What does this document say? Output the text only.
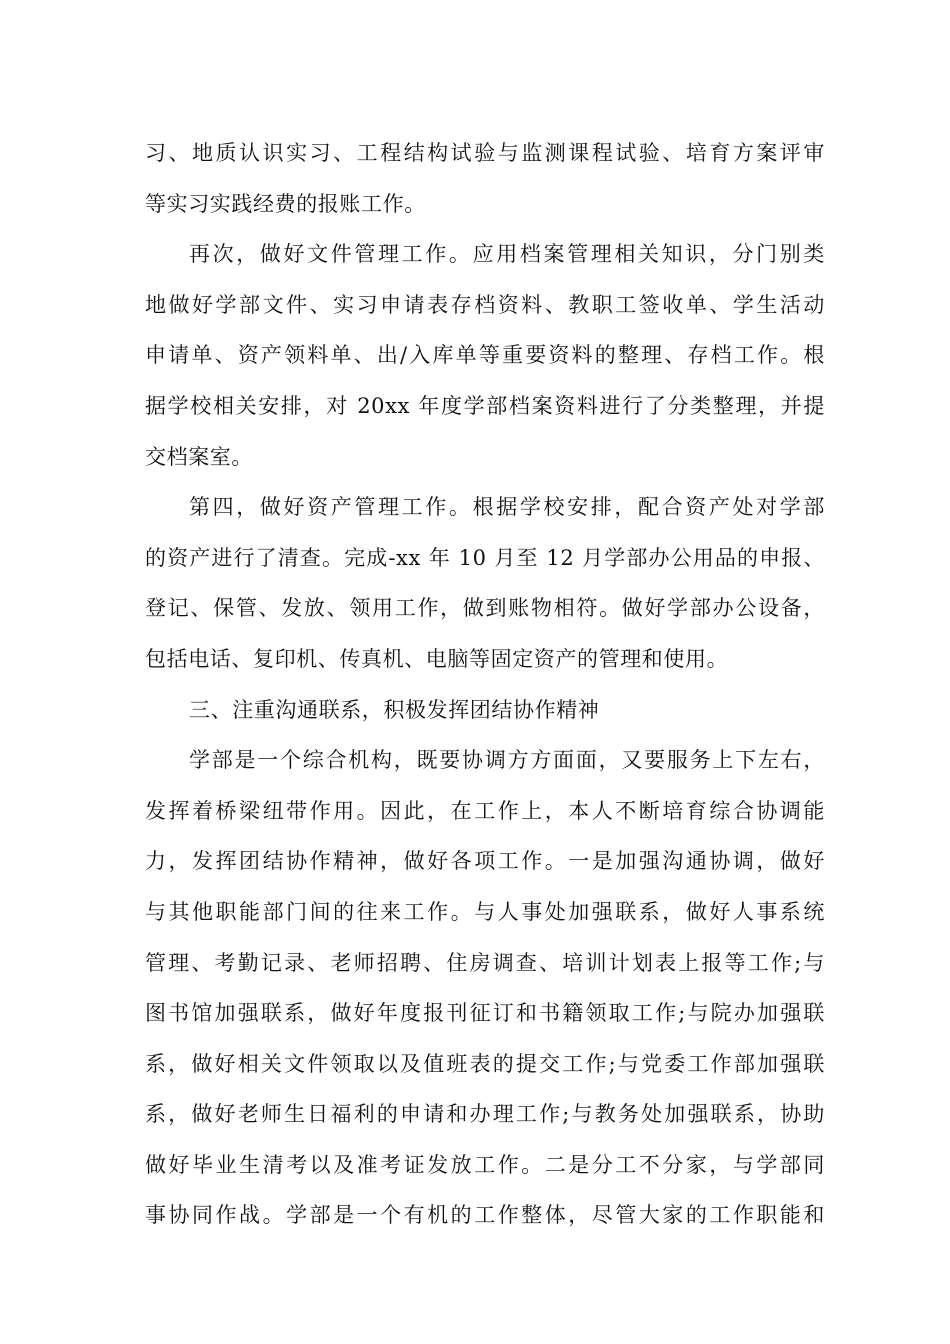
习、地质认识实习、工程结构试验与监测课程试验、培育方案评审
等实习实践经费的报账工作。
再次，做好文件管理工作。应用档案管理相关知识，分门别类
地做好学部文件、实习申请表存档资料、教职工签收单、学生活动
申请单、资产领料单、出/入库单等重要资料的整理、存档工作。根
据学校相关安排，对 20xx 年度学部档案资料进行了分类整理，并提
交档案室。
第四，做好资产管理工作。根据学校安排，配合资产处对学部
的资产进行了清查。完成-xx 年 10 月至 12 月学部办公用品的申报、
登记、保管、发放、领用工作，做到账物相符。做好学部办公设备，
包括电话、复印机、传真机、电脑等固定资产的管理和使用。
三、注重沟通联系，积极发挥团结协作精神
学部是一个综合机构，既要协调方方面面，又要服务上下左右，
发挥着桥梁纽带作用。因此，在工作上，本人不断培育综合协调能
力，发挥团结协作精神，做好各项工作。一是加强沟通协调，做好
与其他职能部门间的往来工作。与人事处加强联系，做好人事系统
管理、考勤记录、老师招聘、住房调查、培训计划表上报等工作;与
图书馆加强联系，做好年度报刊征订和书籍领取工作;与院办加强联
系，做好相关文件领取以及值班表的提交工作;与党委工作部加强联
系，做好老师生日福利的申请和办理工作;与教务处加强联系，协助
做好毕业生清考以及准考证发放工作。二是分工不分家，与学部同
事协同作战。学部是一个有机的工作整体，尽管大家的工作职能和
